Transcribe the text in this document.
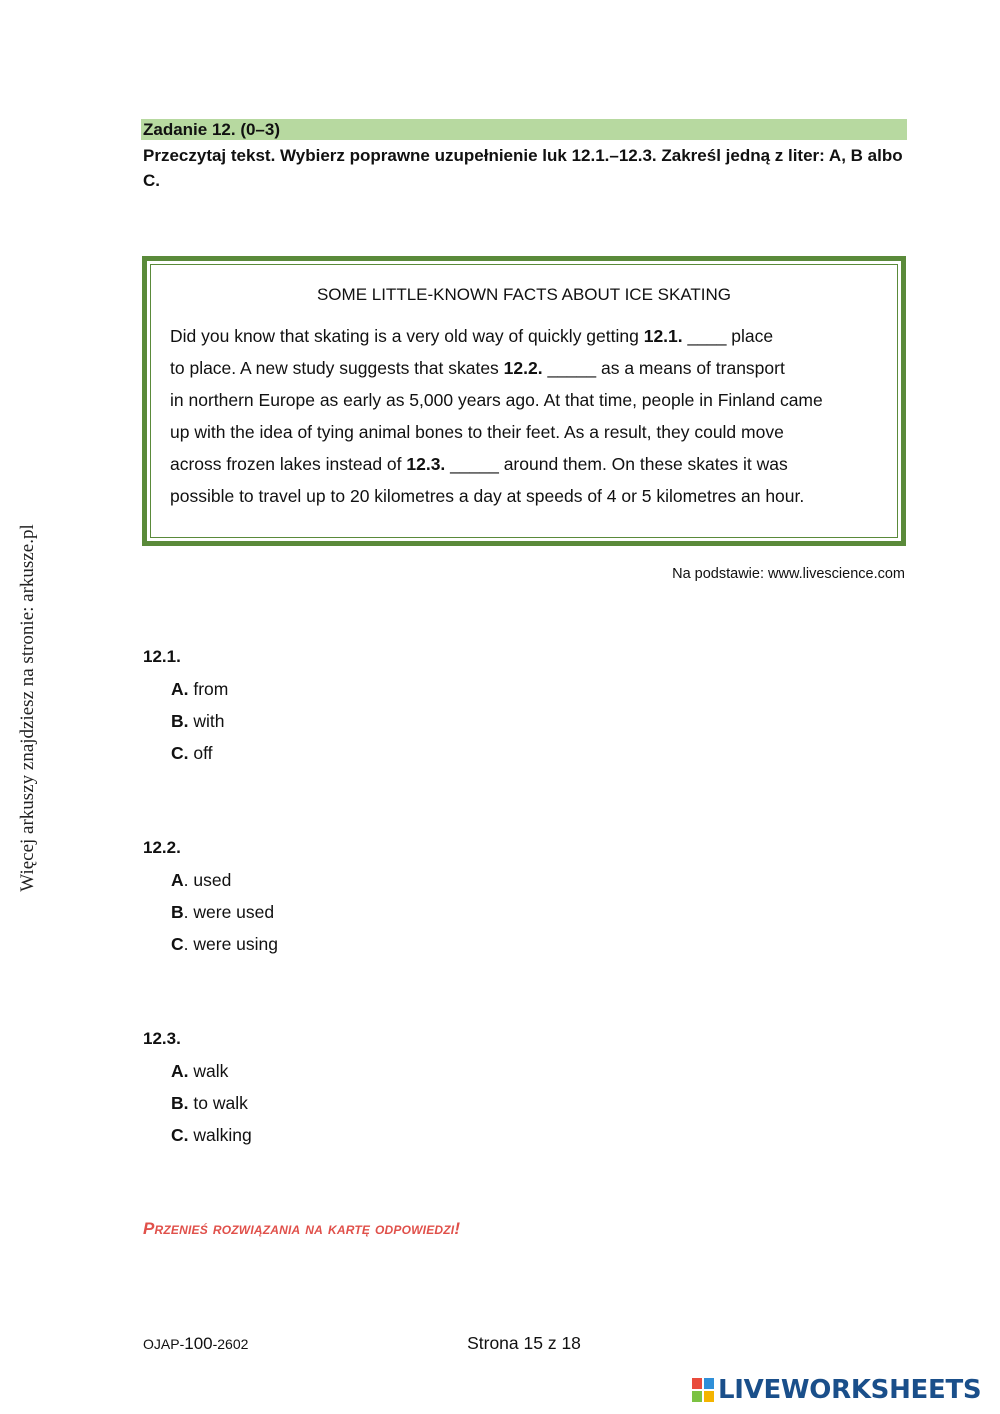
Więcej arkuszy znajdziesz na stronie: arkusze.pl
Zadanie 12. (0–3)
Przeczytaj tekst. Wybierz poprawne uzupełnienie luk 12.1.–12.3. Zakreśl jedną z liter: A, B albo C.
SOME LITTLE-KNOWN FACTS ABOUT ICE SKATING
Did you know that skating is a very old way of quickly getting 12.1. ____ place
to place. A new study suggests that skates 12.2. _____ as a means of transport
in northern Europe as early as 5,000 years ago. At that time, people in Finland came
up with the idea of tying animal bones to their feet. As a result, they could move
across frozen lakes instead of 12.3. _____ around them. On these skates it was
possible to travel up to 20 kilometres a day at speeds of 4 or 5 kilometres an hour.
Na podstawie: www.livescience.com
12.1.
A. from
B. with
C. off
12.2.
A. used
B. were used
C. were using
12.3.
A. walk
B. to walk
C. walking
Przenieś rozwiązania na kartę odpowiedzi!
OJAP-100-2602	Strona 15 z 18
LIVEWORKSHEETS
